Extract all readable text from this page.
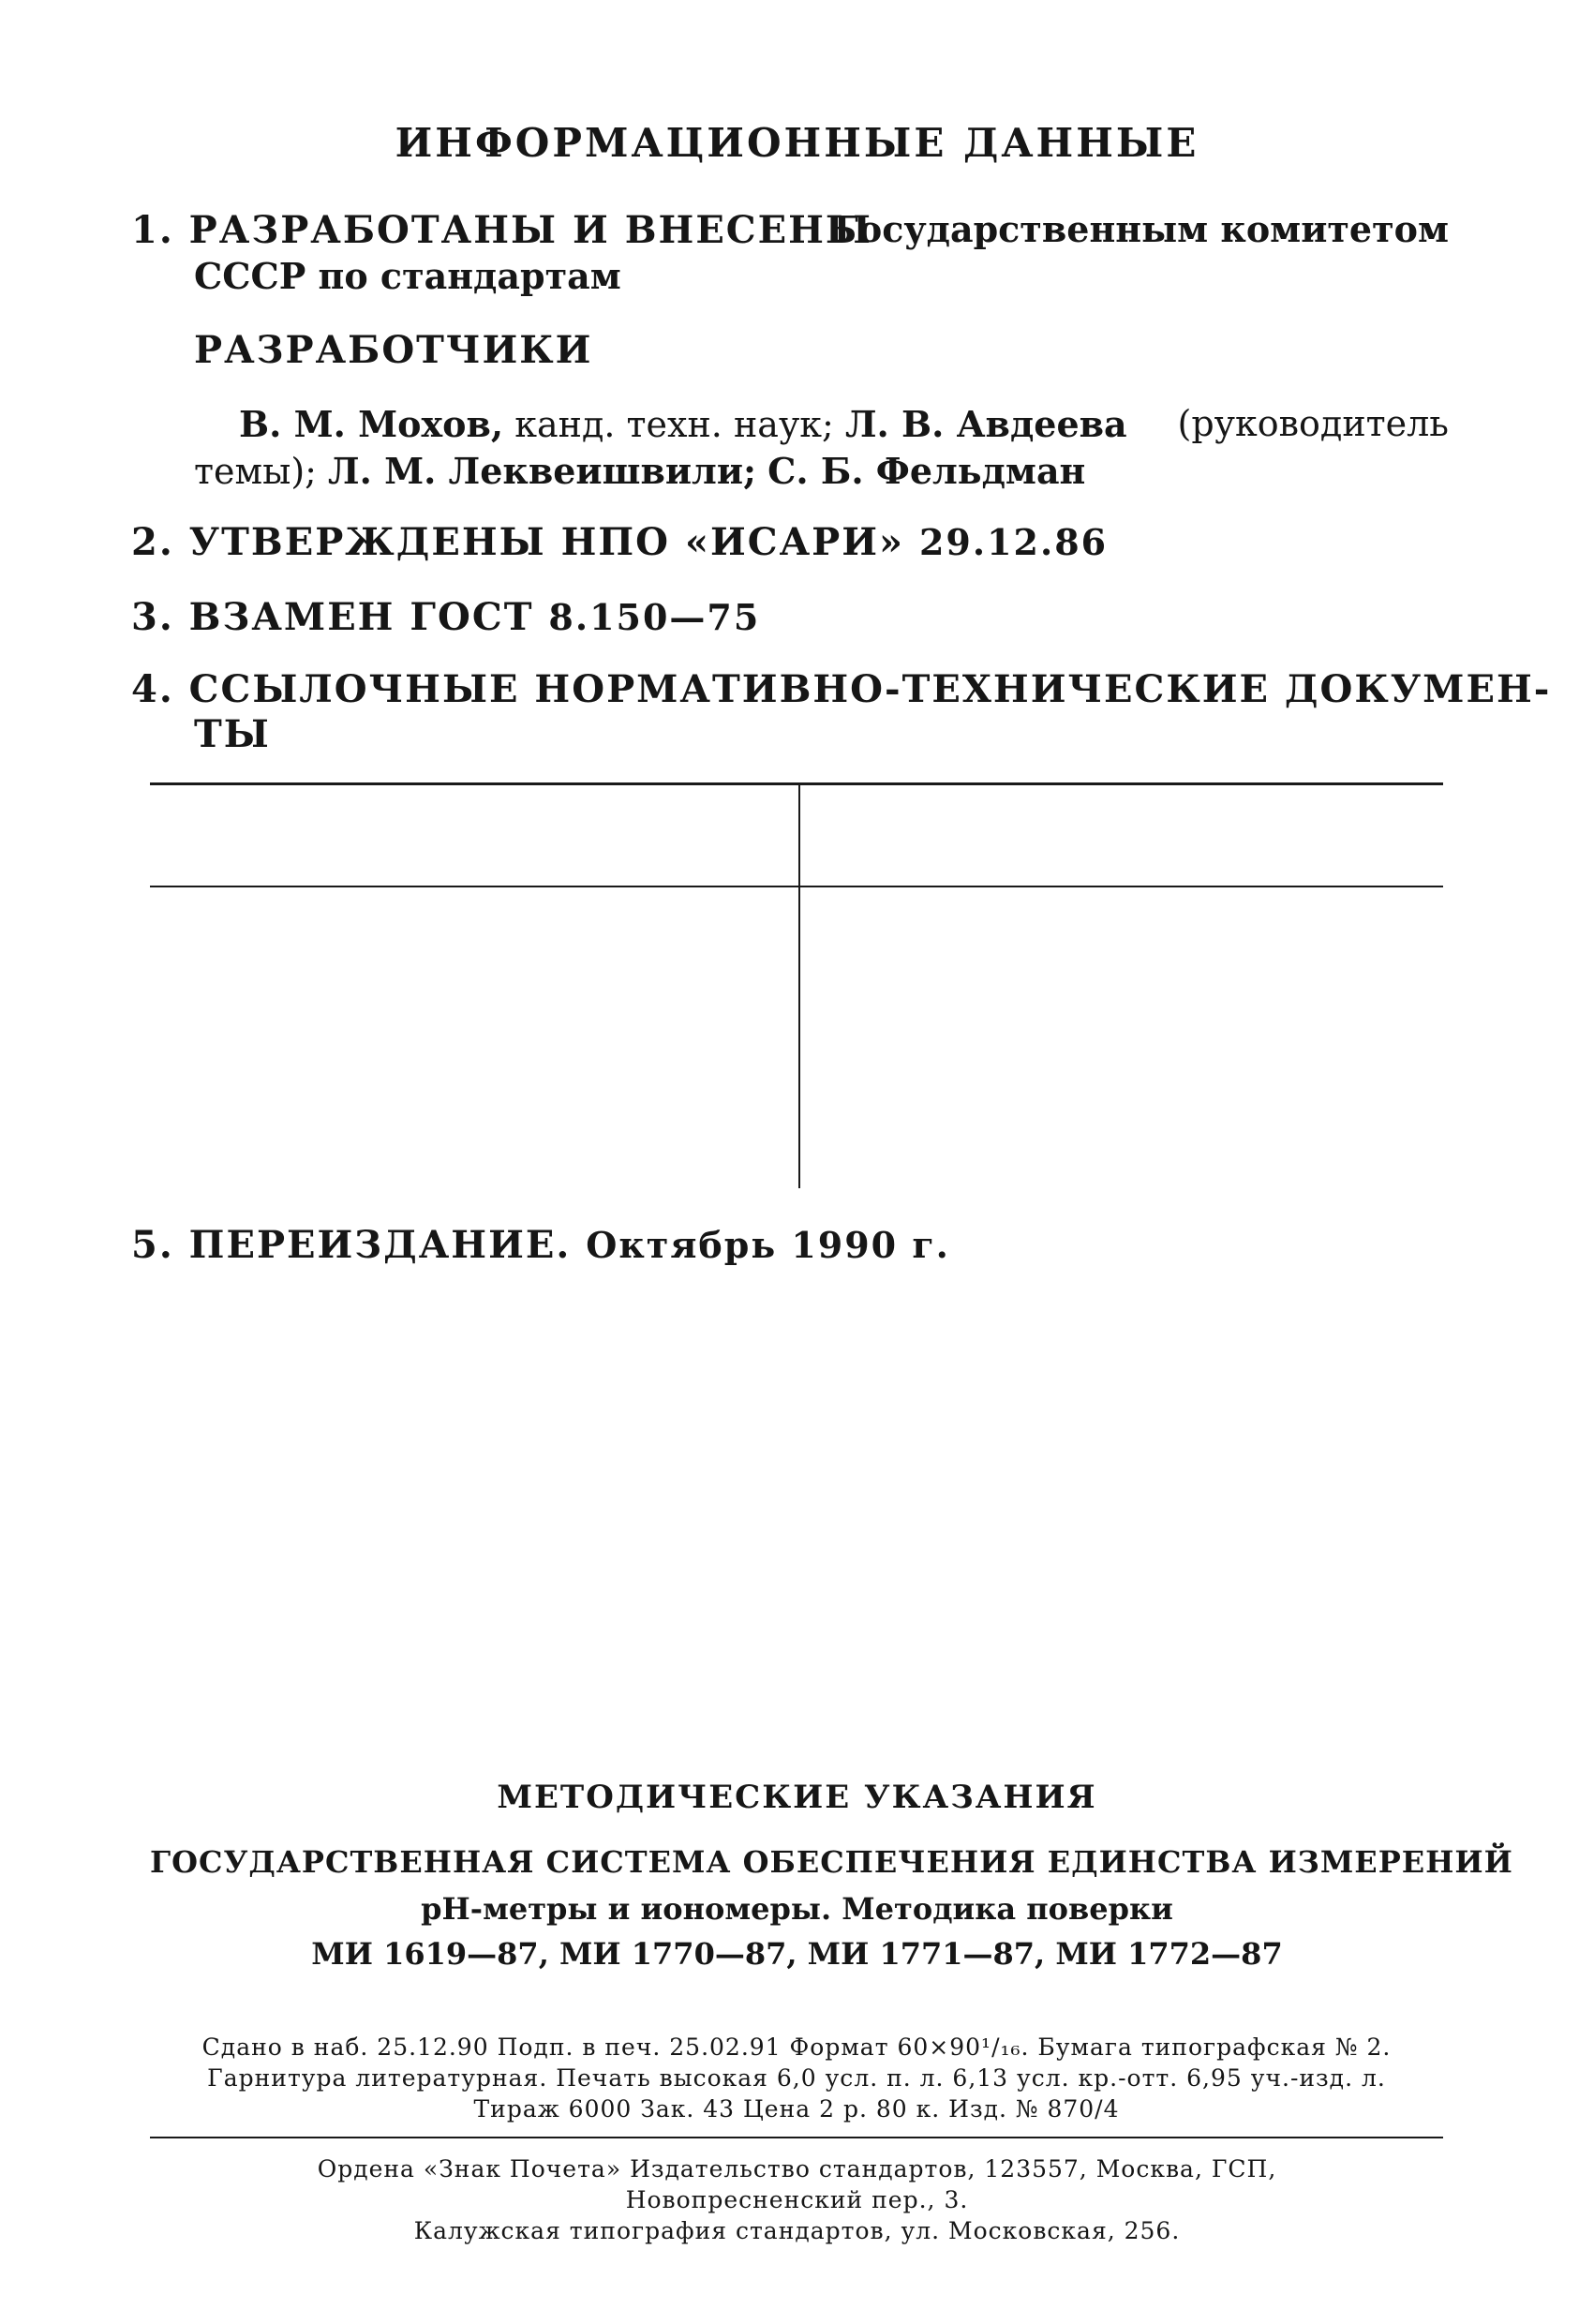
ИНФОРМАЦИОННЫЕ ДАННЫЕ
1. РАЗРАБОТАНЫ И ВНЕСЕНЫ
Государственным комитетом
СССР по стандартам
РАЗРАБОТЧИКИ
В. М. Мохов, канд. техн. наук; Л. В. Авдеева (руководитель
темы); Л. М. Леквеишвили; С. Б. Фельдман
2. УТВЕРЖДЕНЫ НПО «ИСАРИ» 29.12.86
3. ВЗАМЕН ГОСТ 8.150—75
4. ССЫЛОЧНЫЕ НОРМАТИВНО-ТЕХНИЧЕСКИЕ ДОКУМЕН-
ТЫ
5. ПЕРЕИЗДАНИЕ. Октябрь 1990 г.
МЕТОДИЧЕСКИЕ УКАЗАНИЯ
ГОСУДАРСТВЕННАЯ СИСТЕМА ОБЕСПЕЧЕНИЯ ЕДИНСТВА ИЗМЕРЕНИЙ
рН-метры и иономеры. Методика поверки
МИ 1619—87, МИ 1770—87, МИ 1771—87, МИ 1772—87
Сдано в наб. 25.12.90 Подп. в печ. 25.02.91 Формат 60×90¹/₁₆. Бумага типографская № 2.
Гарнитура литературная. Печать высокая 6,0 усл. п. л. 6,13 усл. кр.-отт. 6,95 уч.-изд. л.
Тираж 6000 Зак. 43 Цена 2 р. 80 к. Изд. № 870/4
Ордена «Знак Почета» Издательство стандартов, 123557, Москва, ГСП,
Новопресненский пер., 3.
Калужская типография стандартов, ул. Московская, 256.
